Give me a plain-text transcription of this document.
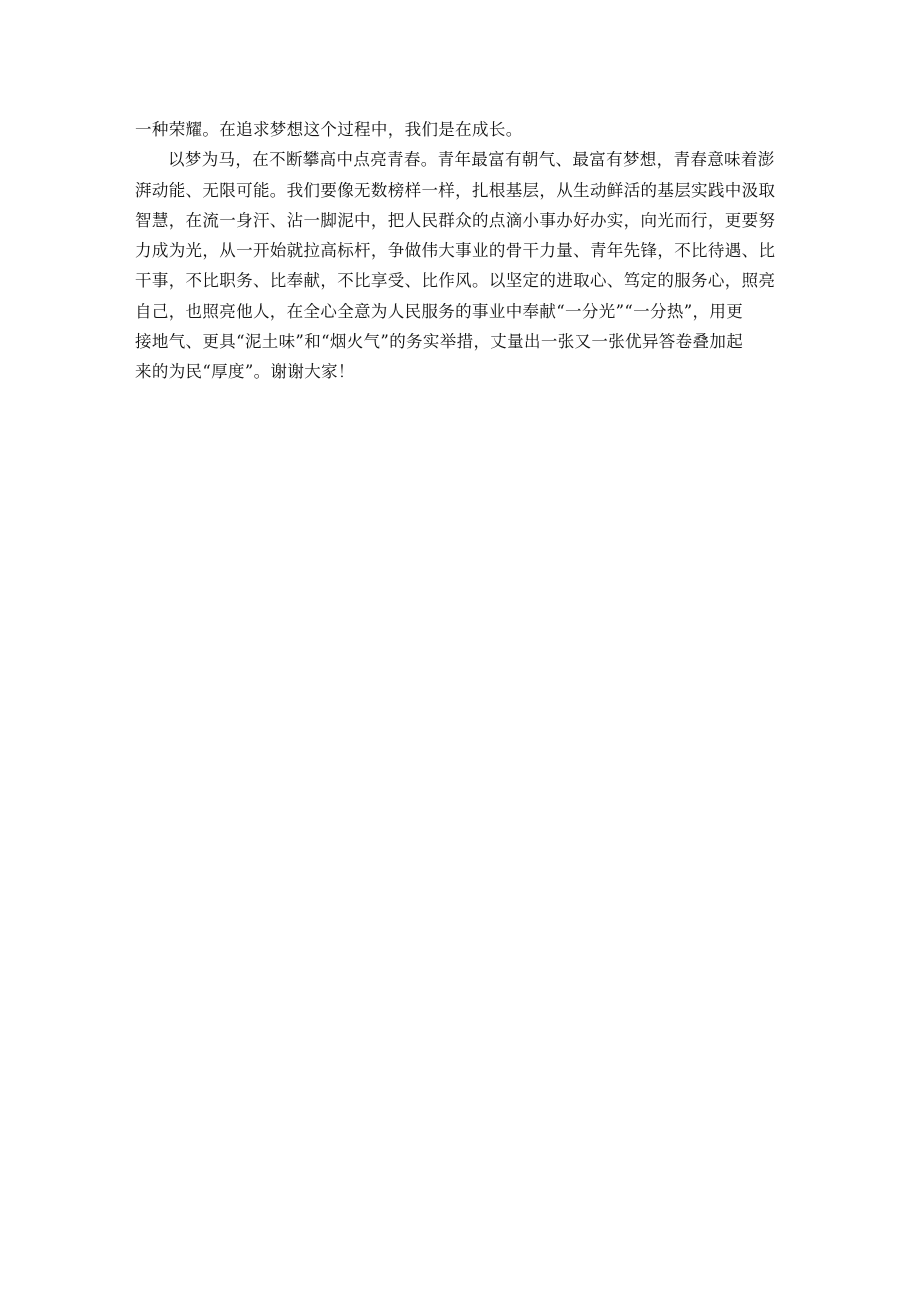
一种荣耀。在追求梦想这个过程中，我们是在成长。
以梦为马，在不断攀高中点亮青春。青年最富有朝气、最富有梦想，青春意味着澎
湃动能、无限可能。我们要像无数榜样一样，扎根基层，从生动鲜活的基层实践中汲取
智慧，在流一身汗、沾一脚泥中，把人民群众的点滴小事办好办实，向光而行，更要努
力成为光，从一开始就拉高标杆，争做伟大事业的骨干力量、青年先锋，不比待遇、比
干事，不比职务、比奉献，不比享受、比作风。以坚定的进取心、笃定的服务心，照亮
自己，也照亮他人，在全心全意为人民服务的事业中奉献“一分光”“一分热”，用更
接地气、更具“泥土味”和“烟火气”的务实举措，丈量出一张又一张优异答卷叠加起
来的为民“厚度”。谢谢大家！
